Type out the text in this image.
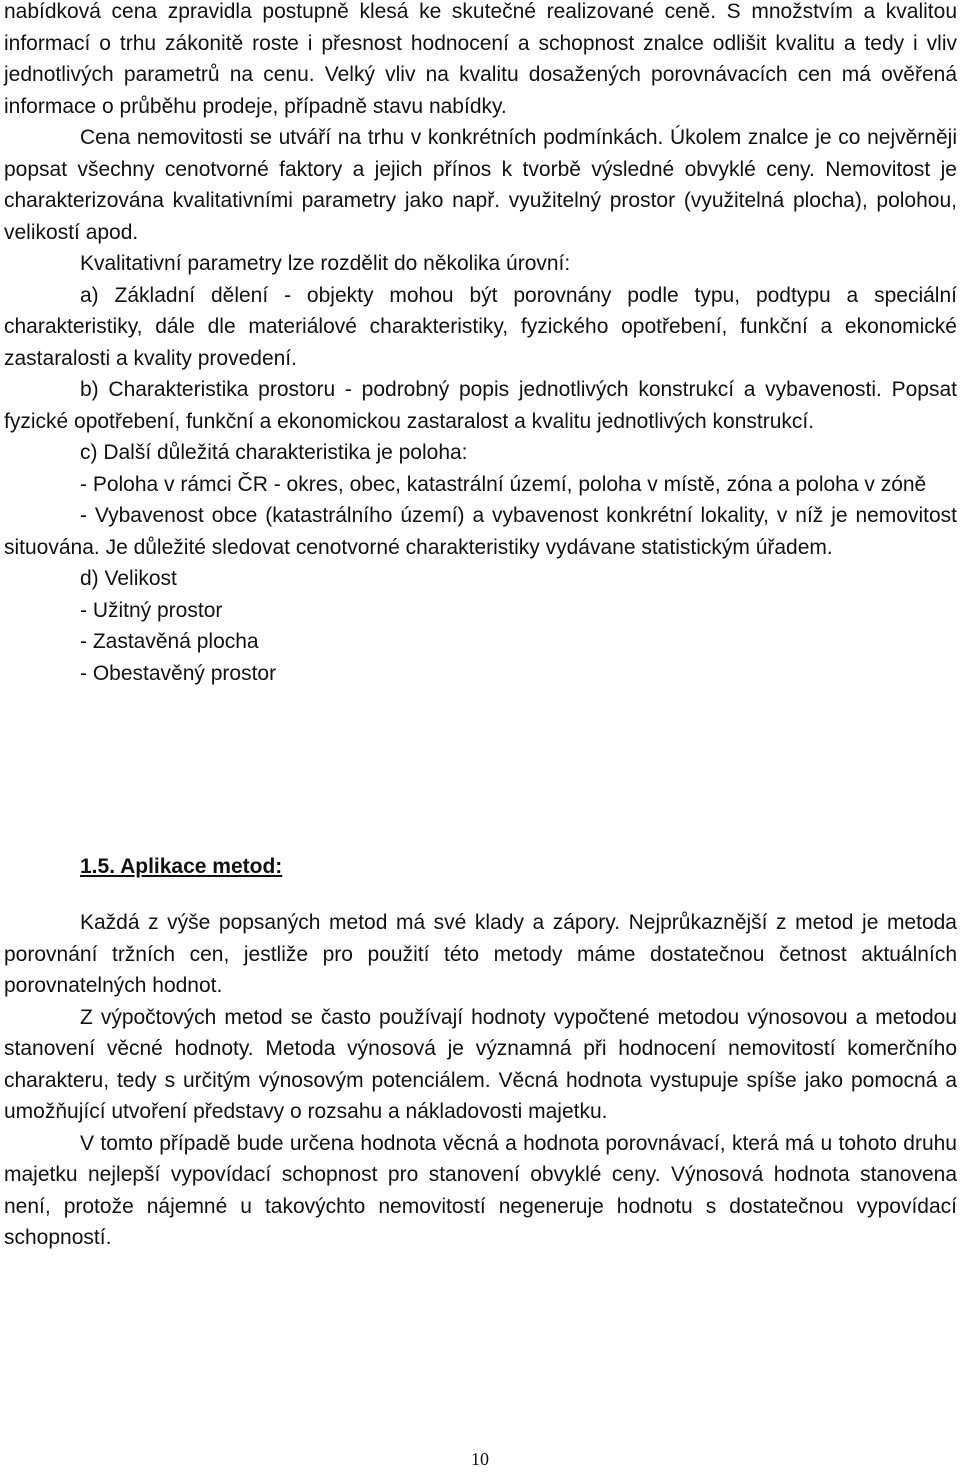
nabídková cena zpravidla postupně klesá ke skutečné realizované ceně. S množstvím a kvalitou informací o trhu zákonitě roste i přesnost hodnocení a schopnost znalce odlišit kvalitu a tedy i vliv jednotlivých parametrů na cenu. Velký vliv na kvalitu dosažených porovnávacích cen má ověřená informace o průběhu prodeje, případně stavu nabídky.

Cena nemovitosti se utváří na trhu v konkrétních podmínkách. Úkolem znalce je co nejvěrněji popsat všechny cenotvorné faktory a jejich přínos k tvorbě výsledné obvyklé ceny. Nemovitost je charakterizována kvalitativními parametry jako např. využitelný prostor (využitelná plocha), polohou, velikostí apod.

Kvalitativní parametry lze rozdělit do několika úrovní:

a) Základní dělení - objekty mohou být porovnány podle typu, podtypu a speciální charakteristiky, dále dle materiálové charakteristiky, fyzického opotřebení, funkční a ekonomické zastaralosti a kvality provedení.

b) Charakteristika prostoru - podrobný popis jednotlivých konstrukcí a vybavenosti. Popsat fyzické opotřebení, funkční a ekonomickou zastaralost a kvalitu jednotlivých konstrukcí.

c) Další důležitá charakteristika je poloha:

- Poloha v rámci ČR - okres, obec, katastrální území, poloha v místě, zóna a poloha v zóně

- Vybavenost obce (katastrálního území) a vybavenost konkrétní lokality, v níž je nemovitost situována. Je důležité sledovat cenotvorné charakteristiky vydávane statistickým úřadem.

d) Velikost

- Užitný prostor

- Zastavěná plocha

- Obestavěný prostor

1.5. Aplikace metod:

Každá z výše popsaných metod má své klady a zápory. Nejprůkaznější z metod je metoda porovnání tržních cen, jestliže pro použití této metody máme dostatečnou četnost aktuálních porovnatelných hodnot.

Z výpočtových metod se často používají hodnoty vypočtené metodou výnosovou a metodou stanovení věcné hodnoty. Metoda výnosová je významná při hodnocení nemovitostí komerčního charakteru, tedy s určitým výnosovým potenciálem. Věcná hodnota vystupuje spíše jako pomocná a umožňující utvoření představy o rozsahu a nákladovosti majetku.

V tomto případě bude určena hodnota věcná a hodnota porovnávací, která má u tohoto druhu majetku nejlepší vypovídací schopnost pro stanovení obvyklé ceny. Výnosová hodnota stanovena není, protože nájemné u takovýchto nemovitostí negeneruje hodnotu s dostatečnou vypovídací schopností.

10
